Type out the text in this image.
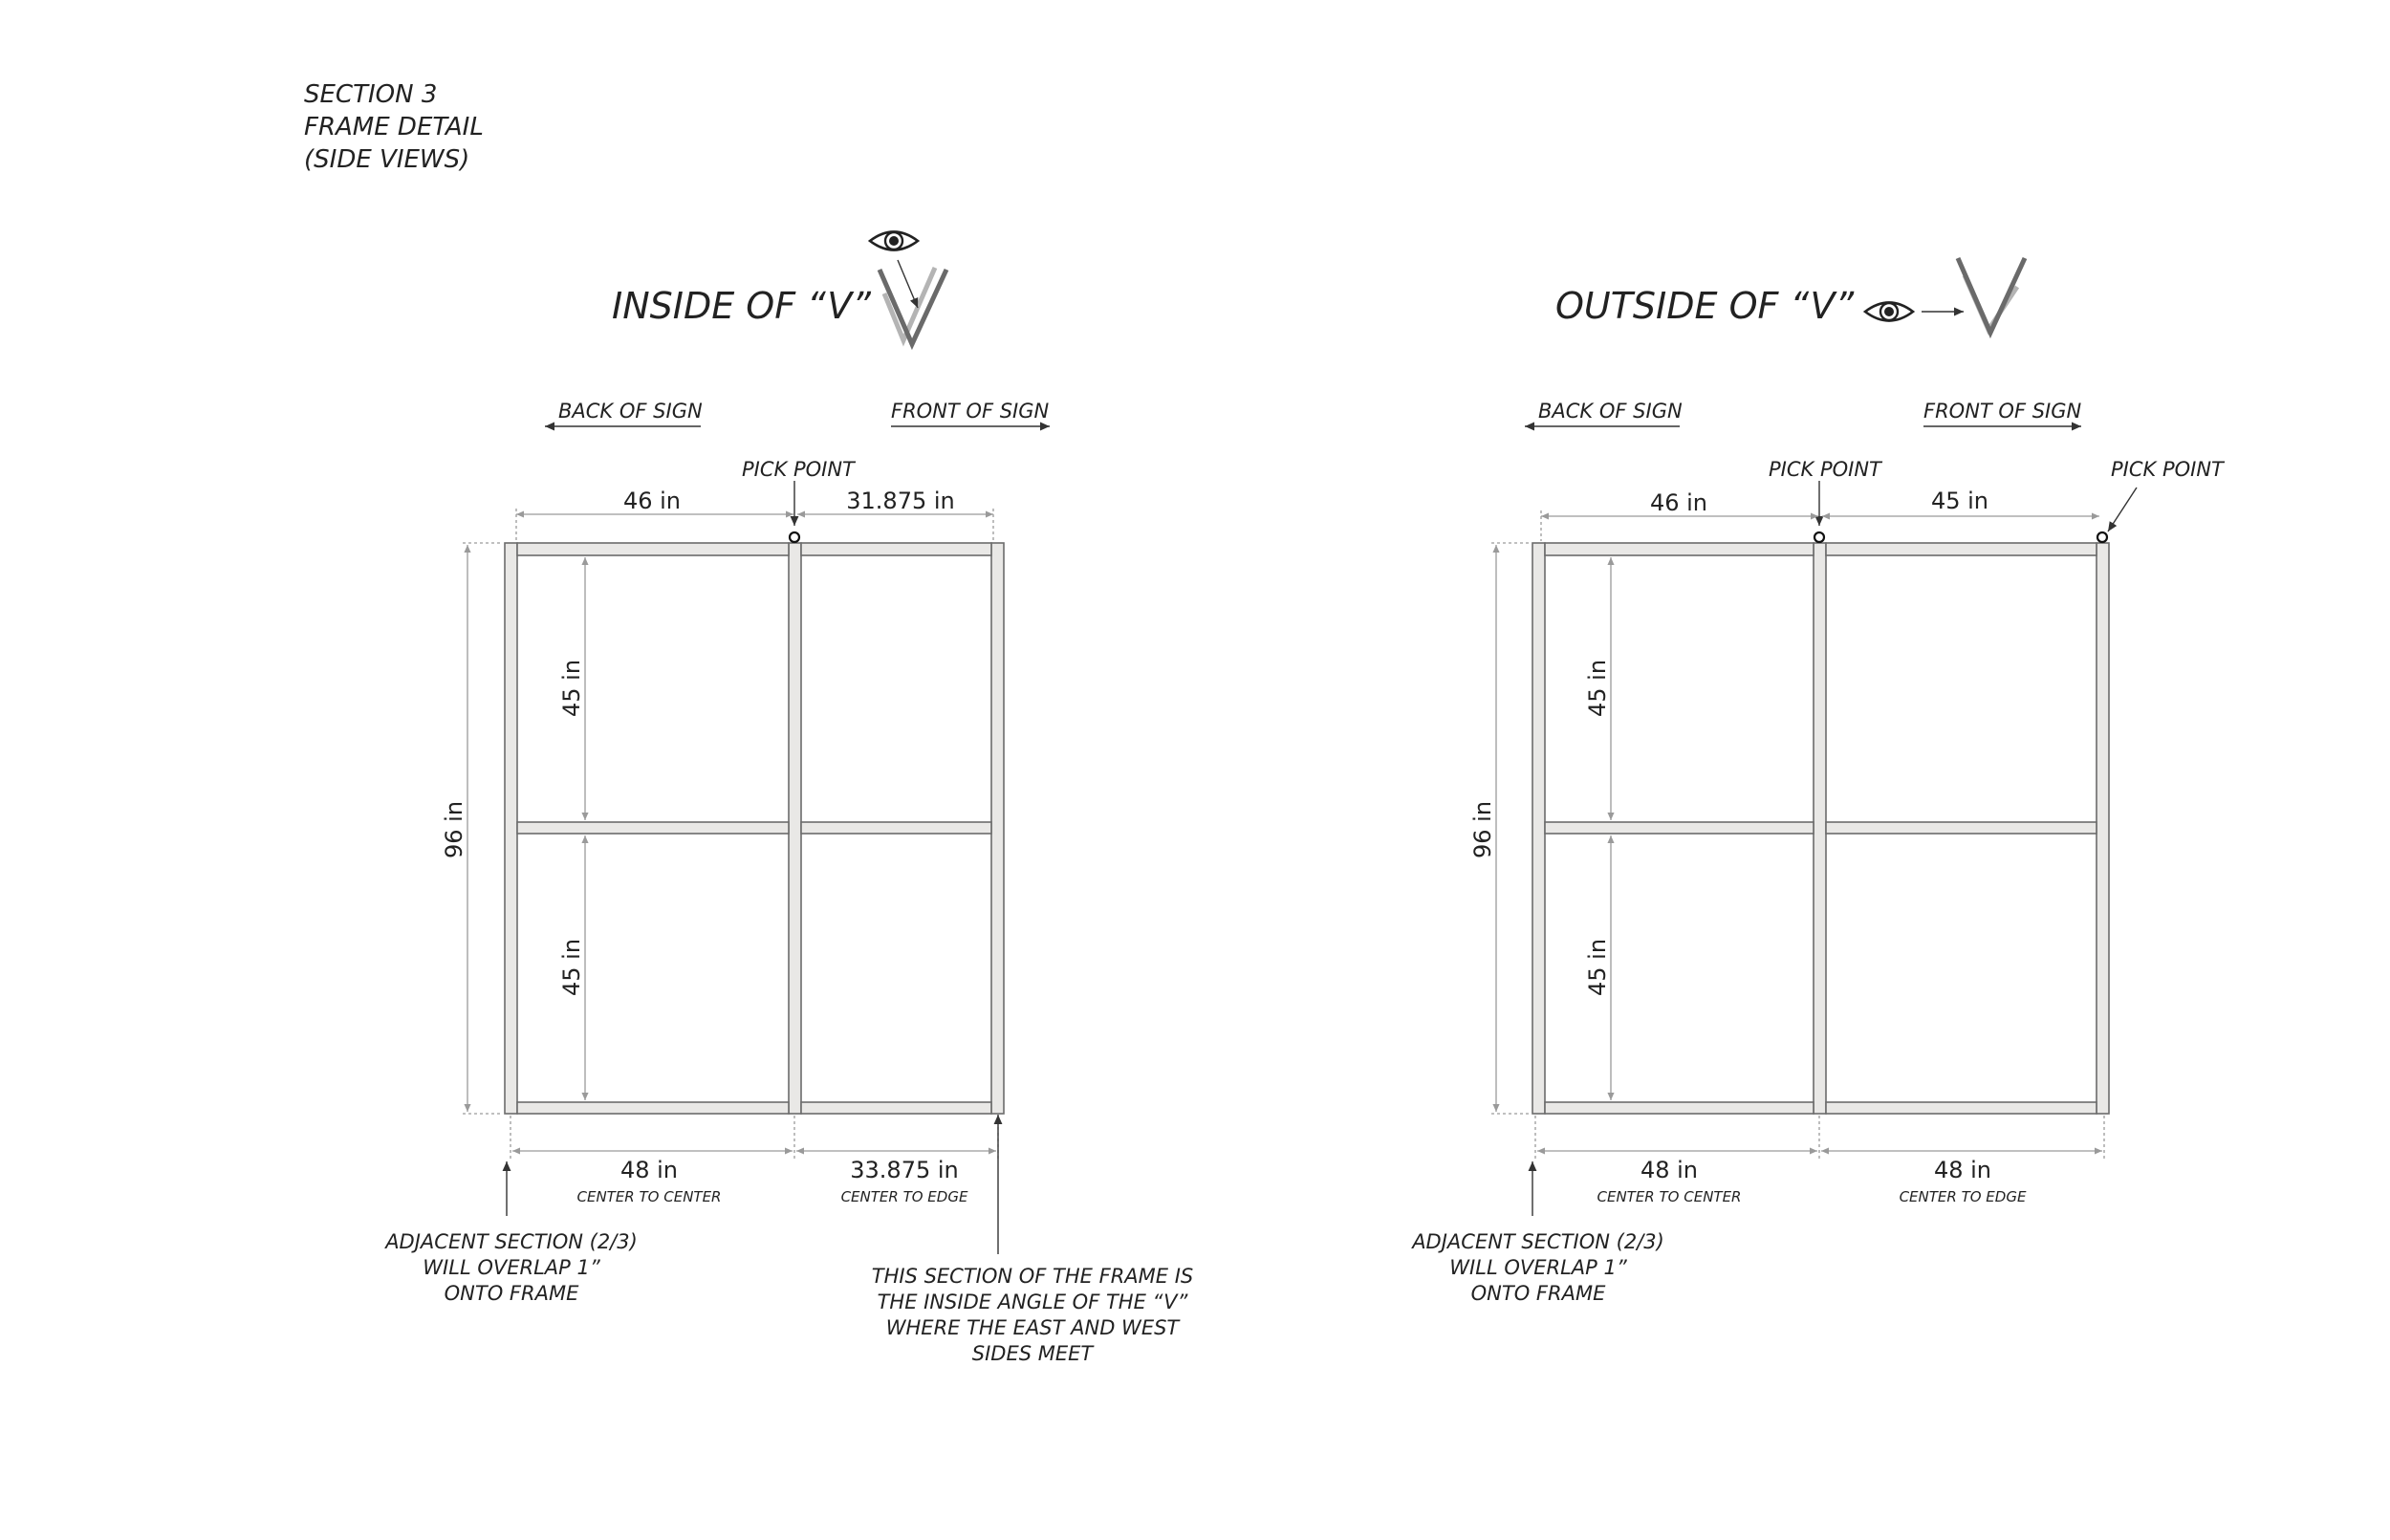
SECTION 3
FRAME DETAIL
(SIDE VIEWS)
INSIDE OF “V”
BACK OF SIGN	FRONT OF SIGN
PICK POINT
46 in	31.875 in
96 in
45 in
45 in
48 in
CENTER TO CENTER
33.875 in
CENTER TO EDGE
ADJACENT SECTION (2/3)
WILL OVERLAP 1”
ONTO FRAME
THIS SECTION OF THE FRAME IS
THE INSIDE ANGLE OF THE “V”
WHERE THE EAST AND WEST
SIDES MEET
OUTSIDE OF “V”
BACK OF SIGN	FRONT OF SIGN
PICK POINT	PICK POINT
46 in	45 in
96 in
45 in
45 in
48 in
CENTER TO CENTER
48 in
CENTER TO EDGE
ADJACENT SECTION (2/3)
WILL OVERLAP 1”
ONTO FRAME
